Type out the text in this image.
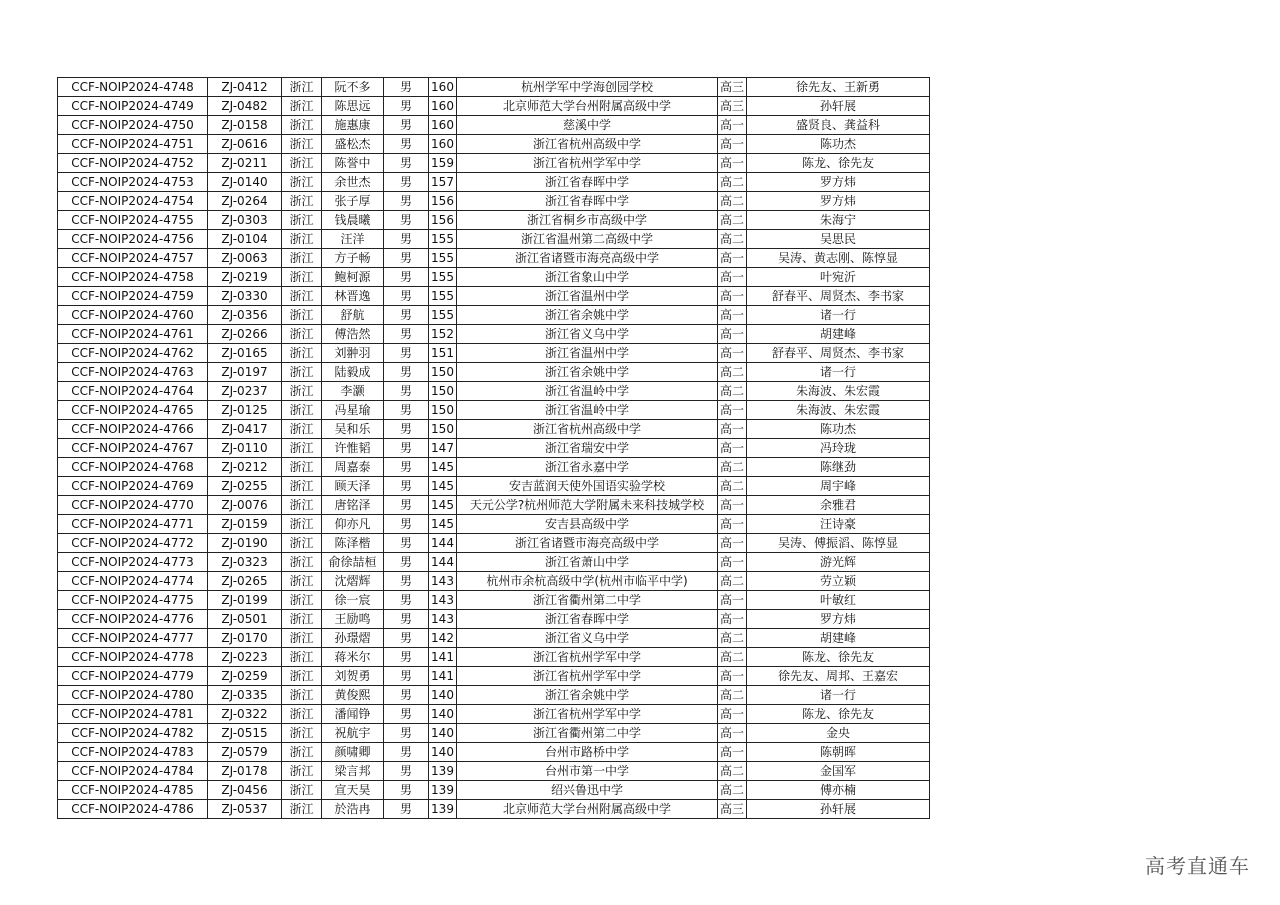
CCF-NOIP2024-4748	ZJ-0412	浙江	阮不多	男	160	杭州学军中学海创园学校	高三	徐先友、王新勇
CCF-NOIP2024-4749	ZJ-0482	浙江	陈思远	男	160	北京师范大学台州附属高级中学	高三	孙轩展
CCF-NOIP2024-4750	ZJ-0158	浙江	施惠康	男	160	慈溪中学	高一	盛贤良、龚益科
CCF-NOIP2024-4751	ZJ-0616	浙江	盛松杰	男	160	浙江省杭州高级中学	高一	陈功杰
CCF-NOIP2024-4752	ZJ-0211	浙江	陈誉中	男	159	浙江省杭州学军中学	高一	陈龙、徐先友
CCF-NOIP2024-4753	ZJ-0140	浙江	余世杰	男	157	浙江省春晖中学	高二	罗方炜
CCF-NOIP2024-4754	ZJ-0264	浙江	张子厚	男	156	浙江省春晖中学	高二	罗方炜
CCF-NOIP2024-4755	ZJ-0303	浙江	钱晨曦	男	156	浙江省桐乡市高级中学	高二	朱海宁
CCF-NOIP2024-4756	ZJ-0104	浙江	汪洋	男	155	浙江省温州第二高级中学	高二	吴思民
CCF-NOIP2024-4757	ZJ-0063	浙江	方子畅	男	155	浙江省诸暨市海亮高级中学	高一	吴涛、黄志刚、陈惇显
CCF-NOIP2024-4758	ZJ-0219	浙江	鲍柯源	男	155	浙江省象山中学	高一	叶宛沂
CCF-NOIP2024-4759	ZJ-0330	浙江	林晋逸	男	155	浙江省温州中学	高一	舒春平、周贤杰、李书家
CCF-NOIP2024-4760	ZJ-0356	浙江	舒航	男	155	浙江省余姚中学	高一	诸一行
CCF-NOIP2024-4761	ZJ-0266	浙江	傅浩然	男	152	浙江省义乌中学	高一	胡建峰
CCF-NOIP2024-4762	ZJ-0165	浙江	刘翀羽	男	151	浙江省温州中学	高一	舒春平、周贤杰、李书家
CCF-NOIP2024-4763	ZJ-0197	浙江	陆毅成	男	150	浙江省余姚中学	高二	诸一行
CCF-NOIP2024-4764	ZJ-0237	浙江	李灏	男	150	浙江省温岭中学	高二	朱海波、朱宏霞
CCF-NOIP2024-4765	ZJ-0125	浙江	冯星瑜	男	150	浙江省温岭中学	高一	朱海波、朱宏霞
CCF-NOIP2024-4766	ZJ-0417	浙江	吴和乐	男	150	浙江省杭州高级中学	高一	陈功杰
CCF-NOIP2024-4767	ZJ-0110	浙江	许惟韬	男	147	浙江省瑞安中学	高一	冯玲珑
CCF-NOIP2024-4768	ZJ-0212	浙江	周嘉泰	男	145	浙江省永嘉中学	高二	陈继劲
CCF-NOIP2024-4769	ZJ-0255	浙江	顾天泽	男	145	安吉蓝润天使外国语实验学校	高二	周宇峰
CCF-NOIP2024-4770	ZJ-0076	浙江	唐铭泽	男	145	天元公学?杭州师范大学附属未来科技城学校	高一	余雅君
CCF-NOIP2024-4771	ZJ-0159	浙江	仰亦凡	男	145	安吉县高级中学	高一	汪诗豪
CCF-NOIP2024-4772	ZJ-0190	浙江	陈泽楷	男	144	浙江省诸暨市海亮高级中学	高一	吴涛、傅振滔、陈惇显
CCF-NOIP2024-4773	ZJ-0323	浙江	俞徐喆桓	男	144	浙江省萧山中学	高一	游光辉
CCF-NOIP2024-4774	ZJ-0265	浙江	沈熠辉	男	143	杭州市余杭高级中学(杭州市临平中学)	高二	劳立颖
CCF-NOIP2024-4775	ZJ-0199	浙江	徐一宸	男	143	浙江省衢州第二中学	高一	叶敏红
CCF-NOIP2024-4776	ZJ-0501	浙江	王励鸣	男	143	浙江省春晖中学	高一	罗方炜
CCF-NOIP2024-4777	ZJ-0170	浙江	孙璟熠	男	142	浙江省义乌中学	高二	胡建峰
CCF-NOIP2024-4778	ZJ-0223	浙江	蒋米尔	男	141	浙江省杭州学军中学	高二	陈龙、徐先友
CCF-NOIP2024-4779	ZJ-0259	浙江	刘贺勇	男	141	浙江省杭州学军中学	高一	徐先友、周邦、王嘉宏
CCF-NOIP2024-4780	ZJ-0335	浙江	黄俊熙	男	140	浙江省余姚中学	高二	诸一行
CCF-NOIP2024-4781	ZJ-0322	浙江	潘闻铮	男	140	浙江省杭州学军中学	高一	陈龙、徐先友
CCF-NOIP2024-4782	ZJ-0515	浙江	祝航宇	男	140	浙江省衢州第二中学	高一	金央
CCF-NOIP2024-4783	ZJ-0579	浙江	颜啸卿	男	140	台州市路桥中学	高一	陈朝晖
CCF-NOIP2024-4784	ZJ-0178	浙江	梁言邦	男	139	台州市第一中学	高二	金国军
CCF-NOIP2024-4785	ZJ-0456	浙江	宣天昊	男	139	绍兴鲁迅中学	高二	傅亦楠
CCF-NOIP2024-4786	ZJ-0537	浙江	於浩冉	男	139	北京师范大学台州附属高级中学	高三	孙轩展
高考直通车
